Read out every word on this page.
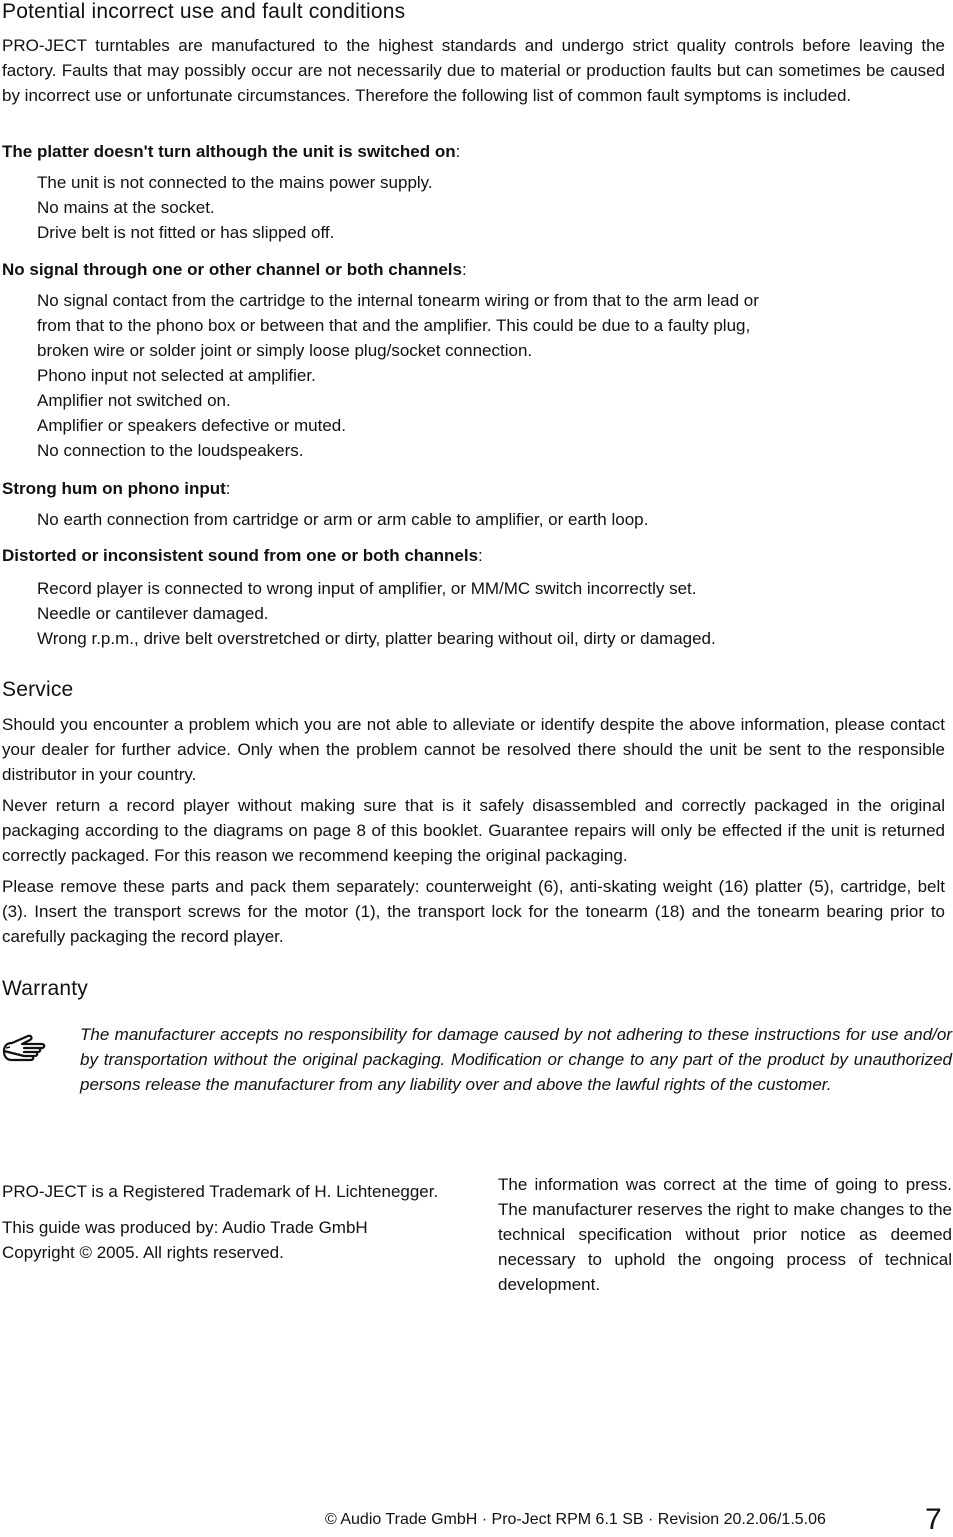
Potential incorrect use and fault conditions

PRO-JECT turntables are manufactured to the highest standards and undergo strict quality controls before leaving the factory. Faults that may possibly occur are not necessarily due to material or production faults but can sometimes be caused by incorrect use or unfortunate circumstances. Therefore the following list of common fault symptoms is included.

The platter doesn't turn although the unit is switched on:

The unit is not connected to the mains power supply.
No mains at the socket.
Drive belt is not fitted or has slipped off.

No signal through one or other channel or both channels:

No signal contact from the cartridge to the internal tonearm wiring or from that to the arm lead or
from that to the phono box or between that and the amplifier. This could be due to a faulty plug,
broken wire or solder joint or simply loose plug/socket connection.
Phono input not selected at amplifier.
Amplifier not switched on.
Amplifier or speakers defective or muted.
No connection to the loudspeakers.

Strong hum on phono input:

No earth connection from cartridge or arm or arm cable to amplifier, or earth loop.

Distorted or inconsistent sound from one or both channels:

Record player is connected to wrong input of amplifier, or MM/MC switch incorrectly set.
Needle or cantilever damaged.
Wrong r.p.m., drive belt overstretched or dirty, platter bearing without oil, dirty or damaged.
Service

Should you encounter a problem which you are not able to alleviate or identify despite the above information, please contact your dealer for further advice. Only when the problem cannot be resolved there should the unit be sent to the responsible distributor in your country.

Never return a record player without making sure that is it safely disassembled and correctly packaged in the original packaging according to the diagrams on page 8 of this booklet. Guarantee repairs will only be effected if the unit is returned correctly packaged. For this reason we recommend keeping the original packaging.

Please remove these parts and pack them separately: counterweight (6), anti-skating weight (16) platter (5), cartridge, belt (3). Insert the transport screws for the motor (1), the transport lock for the tonearm (18) and the tonearm bearing prior to carefully packaging the record player.

Warranty

The manufacturer accepts no responsibility for damage caused by not adhering to these instructions for use and/or by transportation without the original packaging. Modification or change to any part of the product by unauthorized persons release the manufacturer from any liability over and above the lawful rights of the customer.

PRO-JECT is a Registered Trademark of H. Lichtenegger.

This guide was produced by: Audio Trade GmbH

Copyright © 2005. All rights reserved.

The information was correct at the time of going to press. The manufacturer reserves the right to make changes to the technical specification without prior notice as deemed necessary to uphold the ongoing process of technical development.

© Audio Trade GmbH · Pro-Ject RPM 6.1 SB · Revision 20.2.06/1.5.06	7
